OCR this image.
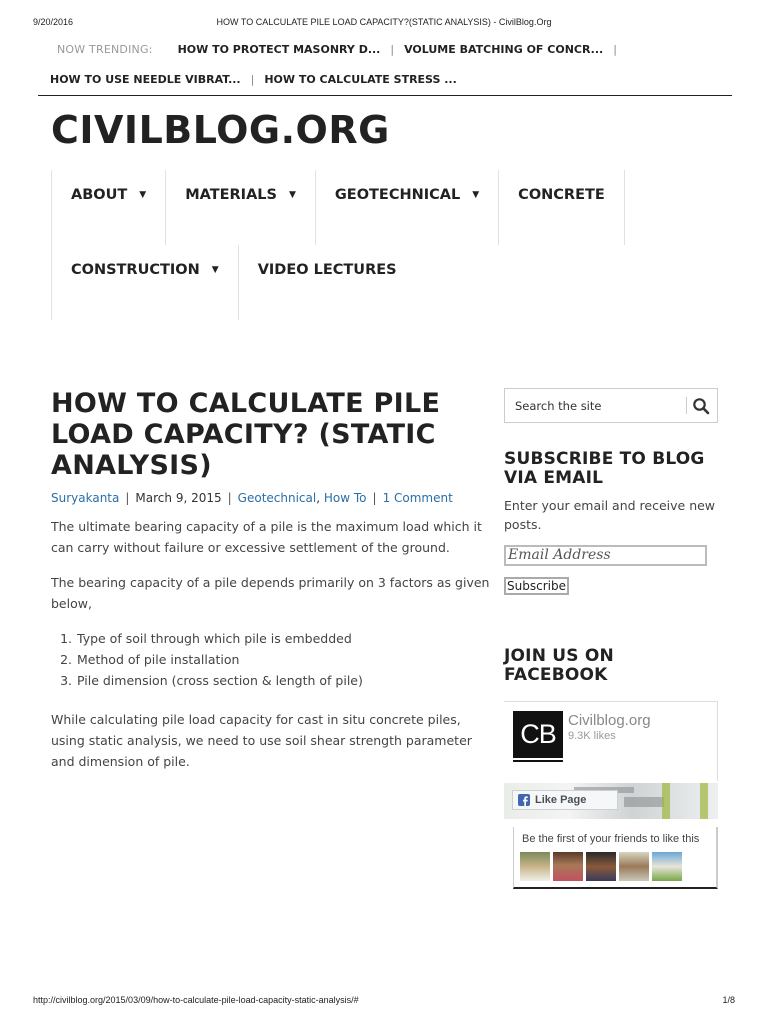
9/20/2016	HOW TO CALCULATE PILE LOAD CAPACITY?(STATIC ANALYSIS) - CivilBlog.Org
NOW TRENDING: HOW TO PROTECT MASONRY D... | VOLUME BATCHING OF CONCR... |
HOW TO USE NEEDLE VIBRAT... | HOW TO CALCULATE STRESS ...
CIVILBLOG.ORG
ABOUT ▼	MATERIALS ▼	GEOTECHNICAL ▼	CONCRETE
CONSTRUCTION ▼	VIDEO LECTURES
HOW TO CALCULATE PILE LOAD CAPACITY? (STATIC ANALYSIS)
Suryakanta | March 9, 2015 | Geotechnical, How To | 1 Comment

The ultimate bearing capacity of a pile is the maximum load which it can carry without failure or excessive settlement of the ground.

The bearing capacity of a pile depends primarily on 3 factors as given below,

1. Type of soil through which pile is embedded
2. Method of pile installation
3. Pile dimension (cross section & length of pile)

While calculating pile load capacity for cast in situ concrete piles, using static analysis, we need to use soil shear strength parameter and dimension of pile.

Search the site
SUBSCRIBE TO BLOG VIA EMAIL
Enter your email and receive new posts.
Email Address
Subscribe
JOIN US ON FACEBOOK
CB Civilblog.org
9.3K likes
Like Page
Be the first of your friends to like this
http://civilblog.org/2015/03/09/how-to-calculate-pile-load-capacity-static-analysis/#	1/8
